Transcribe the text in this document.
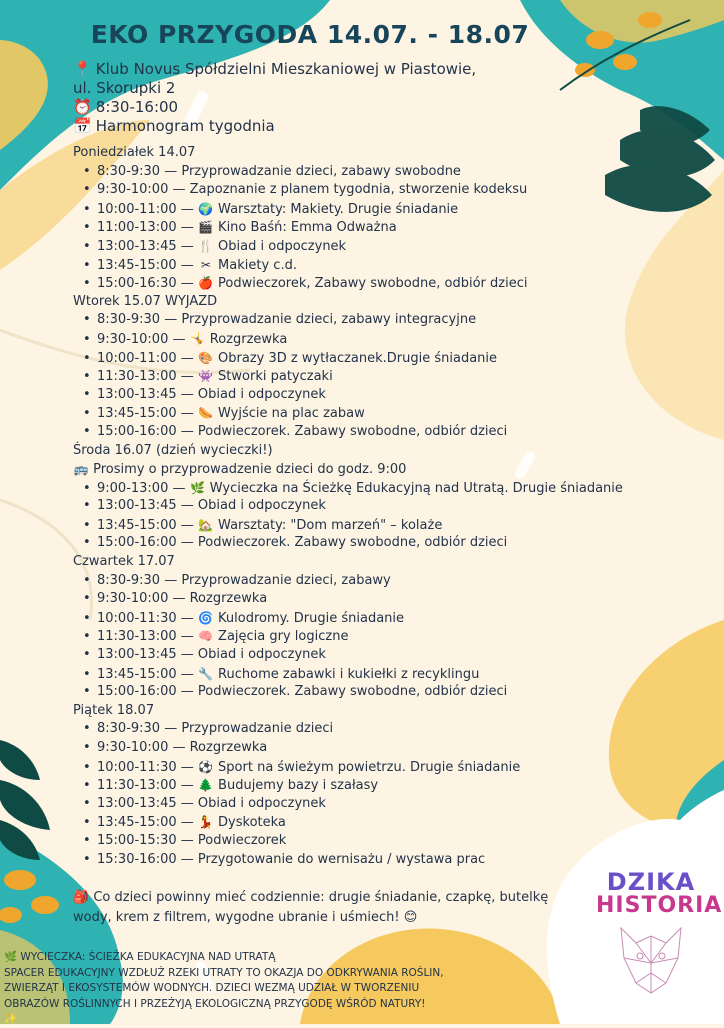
EKO PRZYGODA 14.07. - 18.07
📍 Klub Novus Spółdzielni Mieszkaniowej w Piastowie,
ul. Skorupki 2
⏰ 8:30-16:00
📅 Harmonogram tygodnia
Poniedziałek 14.07
• 8:30-9:30 — Przyprowadzanie dzieci, zabawy swobodne
• 9:30-10:00 — Zapoznanie z planem tygodnia, stworzenie kodeksu
• 10:00-11:00 — 🌍 Warsztaty: Makiety. Drugie śniadanie
• 11:00-13:00 — 🎬 Kino Baśń: Emma Odważna
• 13:00-13:45 — 🍴 Obiad i odpoczynek
• 13:45-15:00 — ✂ Makiety c.d.
• 15:00-16:30 — 🍎 Podwieczorek, Zabawy swobodne, odbiór dzieci
Wtorek 15.07 WYJAZD
• 8:30-9:30 — Przyprowadzanie dzieci, zabawy integracyjne
• 9:30-10:00 — 🤸 Rozgrzewka
• 10:00-11:00 — 🎨 Obrazy 3D z wytłaczanek.Drugie śniadanie
• 11:30-13:00 — 👾 Stworki patyczaki
• 13:00-13:45 — Obiad i odpoczynek
• 13:45-15:00 — 🌭 Wyjście na plac zabaw
• 15:00-16:00 — Podwieczorek. Zabawy swobodne, odbiór dzieci
Środa 16.07 (dzień wycieczki!)
🚌 Prosimy o przyprowadzenie dzieci do godz. 9:00
• 9:00-13:00 — 🌿 Wycieczka na Ścieżkę Edukacyjną nad Utratą. Drugie śniadanie
• 13:00-13:45 — Obiad i odpoczynek
• 13:45-15:00 — 🏡 Warsztaty: "Dom marzeń" – kolaże
• 15:00-16:00 — Podwieczorek. Zabawy swobodne, odbiór dzieci
Czwartek 17.07
• 8:30-9:30 — Przyprowadzanie dzieci, zabawy
• 9:30-10:00 — Rozgrzewka
• 10:00-11:30 — 🌀 Kulodromy. Drugie śniadanie
• 11:30-13:00 — 🧠 Zajęcia gry logiczne
• 13:00-13:45 — Obiad i odpoczynek
• 13:45-15:00 — 🔧 Ruchome zabawki i kukiełki z recyklingu
• 15:00-16:00 — Podwieczorek. Zabawy swobodne, odbiór dzieci
Piątek 18.07
• 8:30-9:30 — Przyprowadzanie dzieci
• 9:30-10:00 — Rozgrzewka
• 10:00-11:30 — ⚽ Sport na świeżym powietrzu. Drugie śniadanie
• 11:30-13:00 — 🌲 Budujemy bazy i szałasy
• 13:00-13:45 — Obiad i odpoczynek
• 13:45-15:00 — 💃 Dyskoteka
• 15:00-15:30 — Podwieczorek
• 15:30-16:00 — Przygotowanie do wernisażu / wystawa prac
🎒 Co dzieci powinny mieć codziennie: drugie śniadanie, czapkę, butelkę
wody, krem z filtrem, wygodne ubranie i uśmiech! 😊
🌿 WYCIECZKA: ŚCIEŻKA EDUKACYJNA NAD UTRATĄ
SPACER EDUKACYJNY WZDŁUŻ RZEKI UTRATY TO OKAZJA DO ODKRYWANIA ROŚLIN,
ZWIERZĄT I EKOSYSTEMÓW WODNYCH. DZIECI WEZMĄ UDZIAŁ W TWORZENIU
OBRAZÓW ROŚLINNYCH I PRZEŻYJĄ EKOLOGICZNĄ PRZYGODĘ WŚRÓD NATURY!
✨
DZIKA
HISTORIA
